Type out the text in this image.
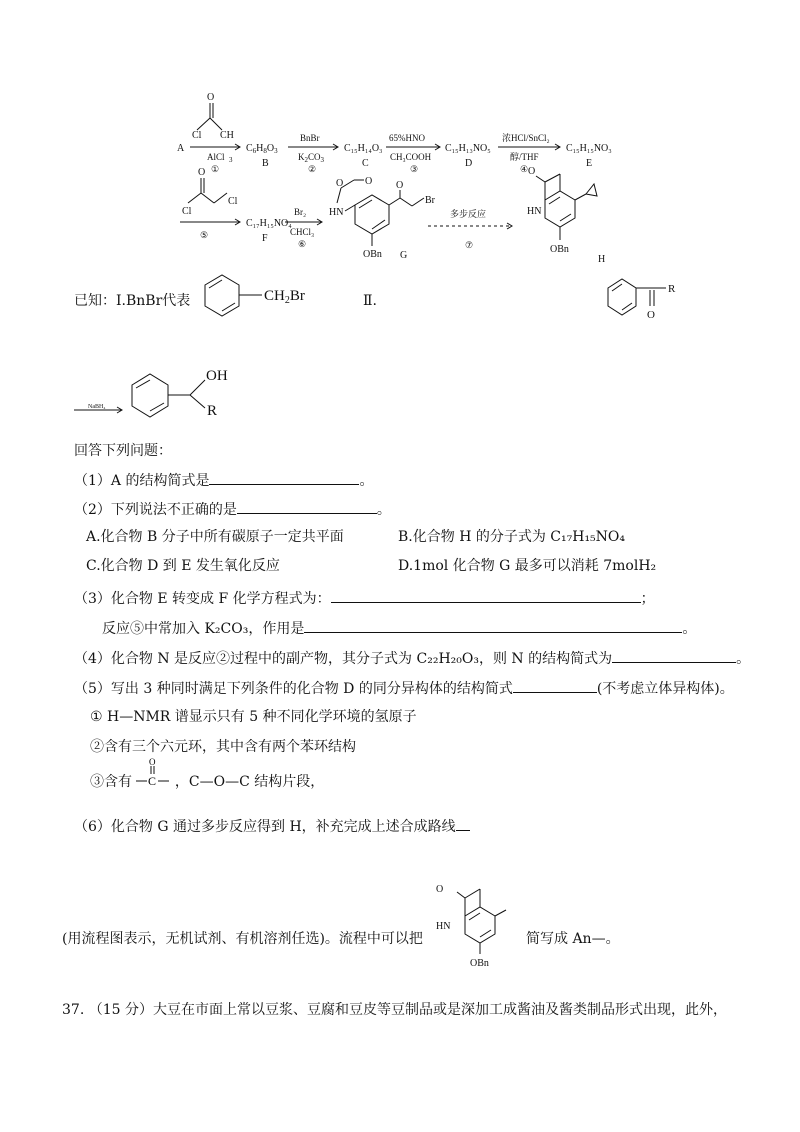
A
Cl CH
O
AlCl 3
①
$C_6H_8O_3$
B
BnBr
$K_2CO_3$
②
C₁₅H₁₄O₃
C
65%HNO
CH₃COOH
③
C₁₅H₁₃NO₅
D
浓HCl/SnCl₂
醇/THF
④
C₁₅H₁₅NO₃
E
Cl
Cl
O
⑤
C₁₇H₁₅NO₄
F
Br₂
CHCl₃
⑥
HN
O O O
Br
OBn G
多步反应
⑦
O
HN
OBn
H
$CH_2Br$	R
O
NaBH₄
OH
R
已知：Ⅰ.BnBr代表	Ⅱ.
回答下列问题：
（1）A 的结构简式是	。
（2）下列说法不正确的是	。
A.化合物 B 分子中所有碳原子一定共平面	B.化合物 H 的分子式为 C₁₇H₁₅NO₄
C.化合物 D 到 E 发生氧化反应	D.1mol 化合物 G 最多可以消耗 7molH₂
（3）化合物 E 转变成 F 化学方程式为：	；
反应⑤中常加入 K₂CO₃，作用是	。
（4）化合物 N 是反应②过程中的副产物，其分子式为 C₂₂H₂₀O₃，则 N 的结构简式为	。
（5）写出 3 种同时满足下列条件的化合物 D 的同分异构体的结构简式	(不考虑立体异构体)。
① H—NMR 谱显示只有 5 种不同化学环境的氢原子
②含有三个六元环，其中含有两个苯环结构
③含有 C
O
，C—O—C 结构片段，
（6）化合物 G 通过多步反应得到 H，补充完成上述合成路线
O
HN
OBn
(用流程图表示，无机试剂、有机溶剂任选)。流程中可以把	简写成 An—。
37. （15 分）大豆在市面上常以豆浆、豆腐和豆皮等豆制品或是深加工成酱油及酱类制品形式出现，此外，
